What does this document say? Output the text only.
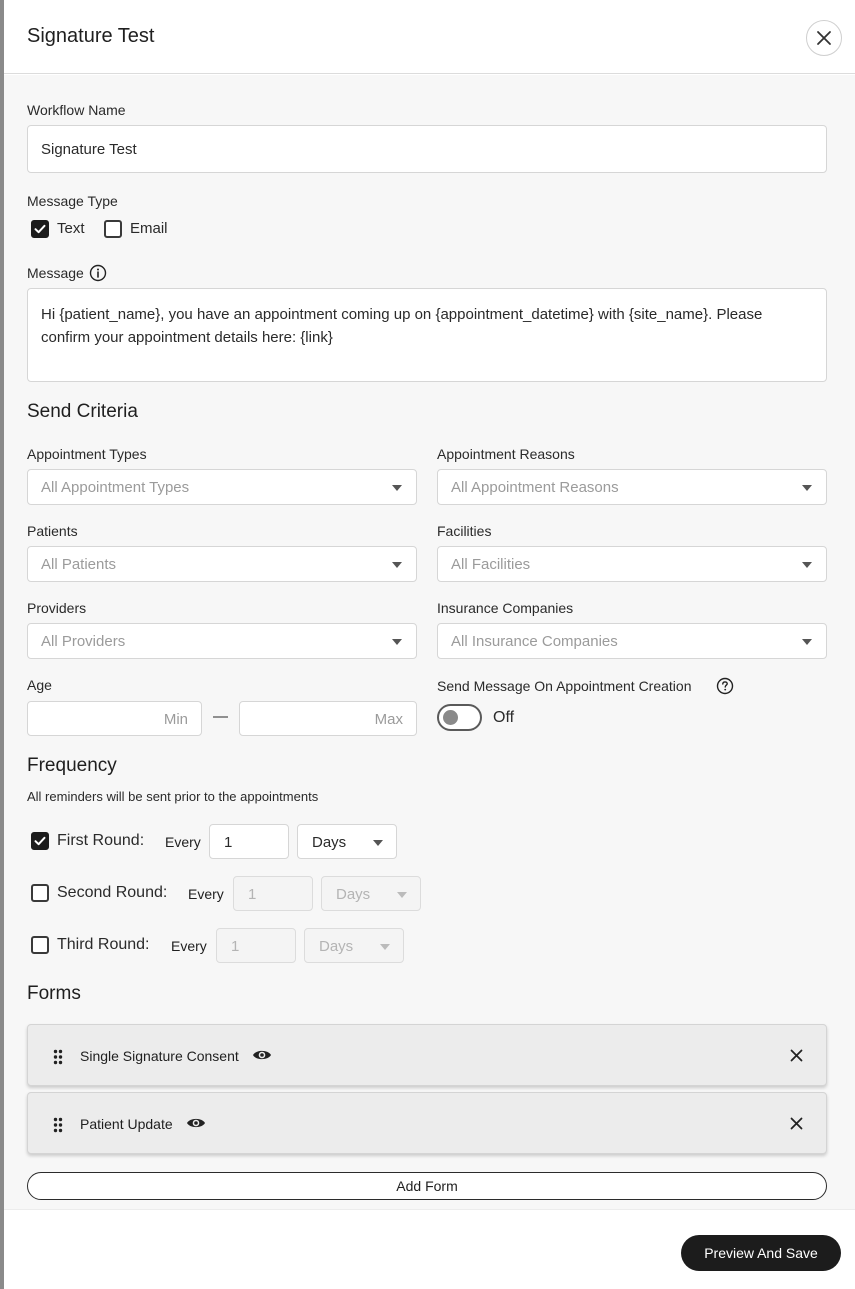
Signature Test
Workflow Name
Signature Test
Message Type
Text	Email
Message
Hi {patient_name}, you have an appointment coming up on {appointment_datetime} with {site_name}. Please confirm your appointment details here: {link}
Send Criteria
Appointment Types
All Appointment Types
Appointment Reasons
All Appointment Reasons
Patients
All Patients
Facilities
All Facilities
Providers
All Providers
Insurance Companies
All Insurance Companies
Age
Min —	Max
Send Message On Appointment Creation
Off
Frequency
All reminders will be sent prior to the appointments
First Round: Every 1	Days
Second Round: Every 1	Days
Third Round: Every 1	Days
Forms
Single Signature Consent
Patient Update
Add Form
Preview And Save
